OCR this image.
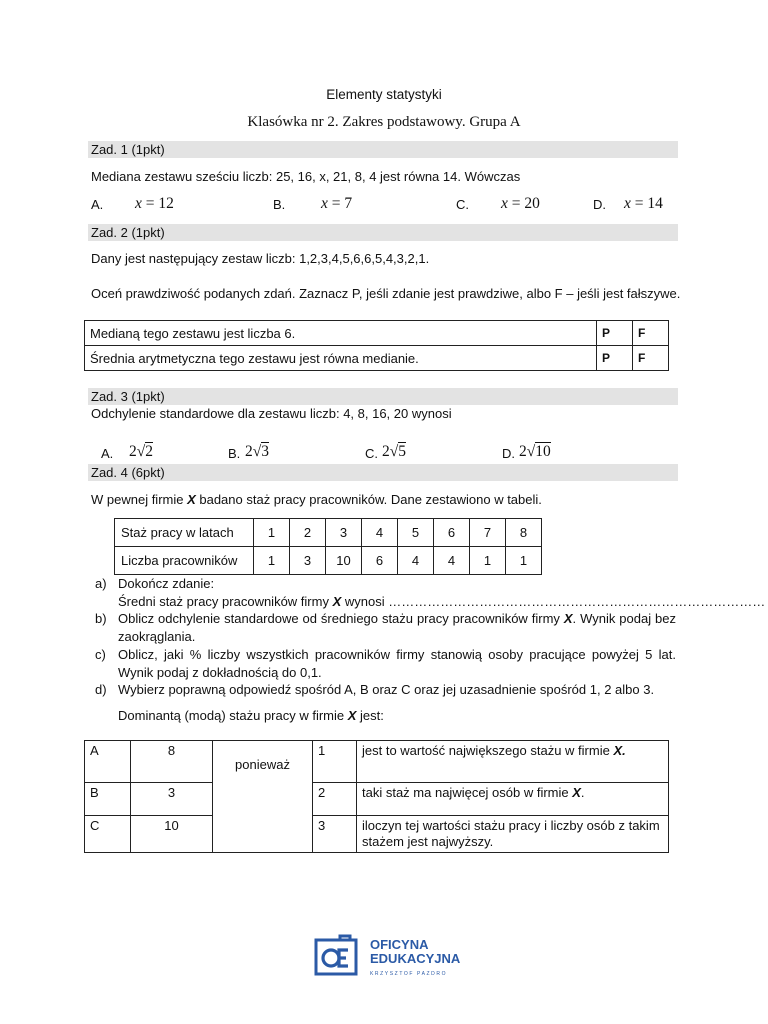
Elementy statystyki
Klasówka nr 2. Zakres podstawowy. Grupa A
Zad. 1 (1pkt)
Mediana zestawu sześciu liczb: 25, 16, x, 21, 8, 4 jest równa 14. Wówczas
A. x = 12	B. x = 7	C. x = 20	D. x = 14
Zad. 2 (1pkt)
Dany jest następujący zestaw liczb: 1,2,3,4,5,6,6,5,4,3,2,1.
Oceń prawdziwość podanych zdań. Zaznacz P, jeśli zdanie jest prawdziwe, albo F – jeśli jest fałszywe.
Medianą tego zestawu jest liczba 6.	P	F
Średnia arytmetyczna tego zestawu jest równa medianie.	P	F
Zad. 3 (1pkt)
Odchylenie standardowe dla zestawu liczb: 4, 8, 16, 20 wynosi
A. 2√2	B. 2√3	C. 2√5	D. 2√10
Zad. 4 (6pkt)
W pewnej firmie X badano staż pracy pracowników. Dane zestawiono w tabeli.
Staż pracy w latach	1	2	3	4	5	6	7	8
Liczba pracowników	1	3	10	6	4	4	1	1
a) Dokończ zdanie:
Średni staż pracy pracowników firmy X wynosi ……………………………………………………………………………
b) Oblicz odchylenie standardowe od średniego stażu pracy pracowników firmy X. Wynik podaj bez zaokrąglania.
c) Oblicz, jaki % liczby wszystkich pracowników firmy stanowią osoby pracujące powyżej 5 lat. Wynik podaj z dokładnością do 0,1.
d) Wybierz poprawną odpowiedź spośród A, B oraz C oraz jej uzasadnienie spośród 1, 2 albo 3.
Dominantą (modą) stażu pracy w firmie X jest:
A	8	ponieważ	1	jest to wartość największego stażu w firmie X.
B	3		2	taki staż ma najwięcej osób w firmie X.
C	10		3	iloczyn tej wartości stażu pracy i liczby osób z takim stażem jest najwyższy.
OFICYNA
EDUKACYJNA
KRZYSZTOF PAZDRO
